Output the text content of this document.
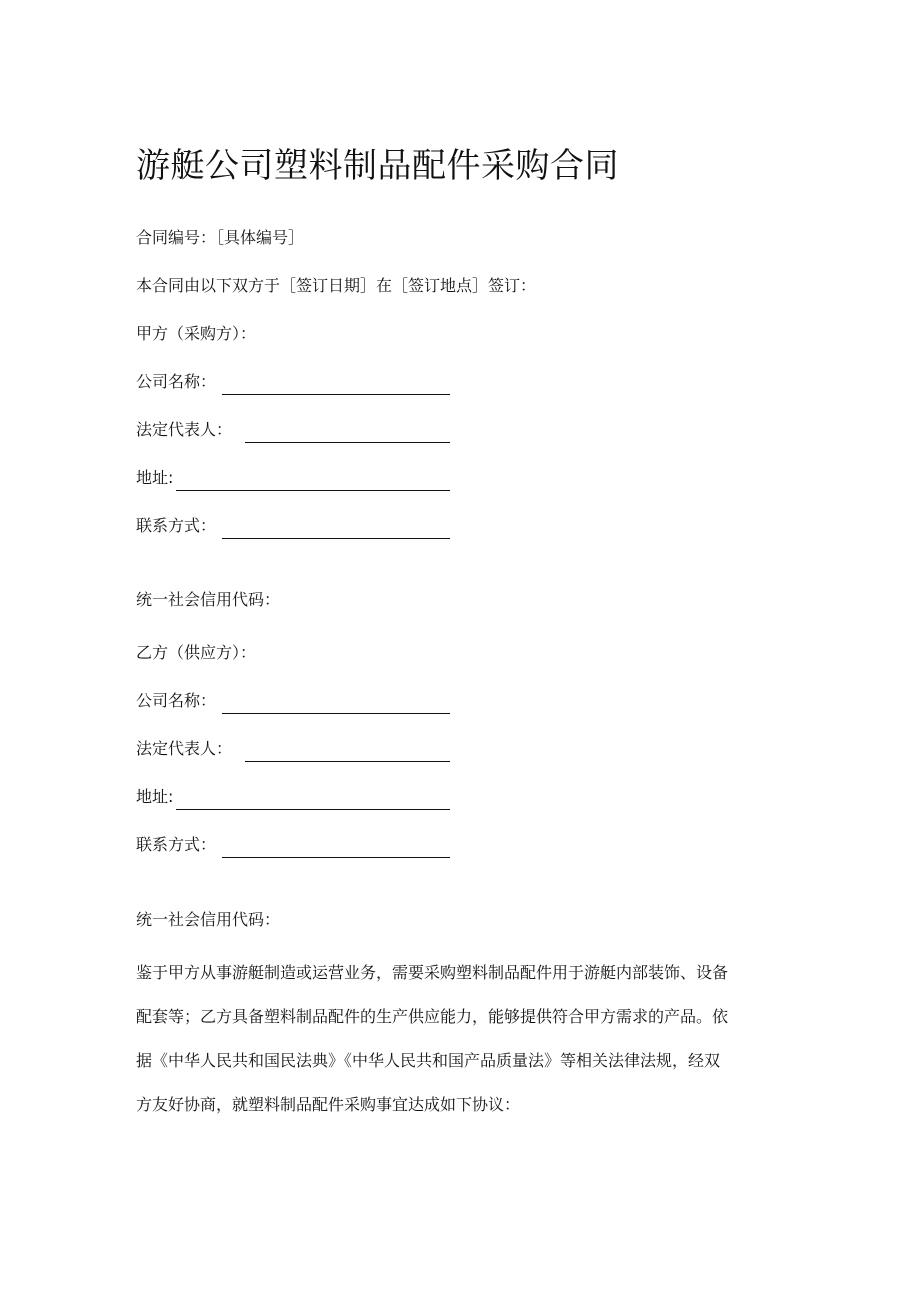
游艇公司塑料制品配件采购合同
合同编号：［具体编号］
本合同由以下双方于［签订日期］在［签订地点］签订：
甲方（采购方）：
公司名称：
法定代表人：
地址:
联系方式：
统一社会信用代码：
乙方（供应方）：
公司名称：
法定代表人：
地址:
联系方式：
统一社会信用代码：
鉴于甲方从事游艇制造或运营业务，需要采购塑料制品配件用于游艇内部装饰、设备
配套等；乙方具备塑料制品配件的生产供应能力，能够提供符合甲方需求的产品。依
据《中华人民共和国民法典》《中华人民共和国产品质量法》等相关法律法规，经双
方友好协商，就塑料制品配件采购事宜达成如下协议：
